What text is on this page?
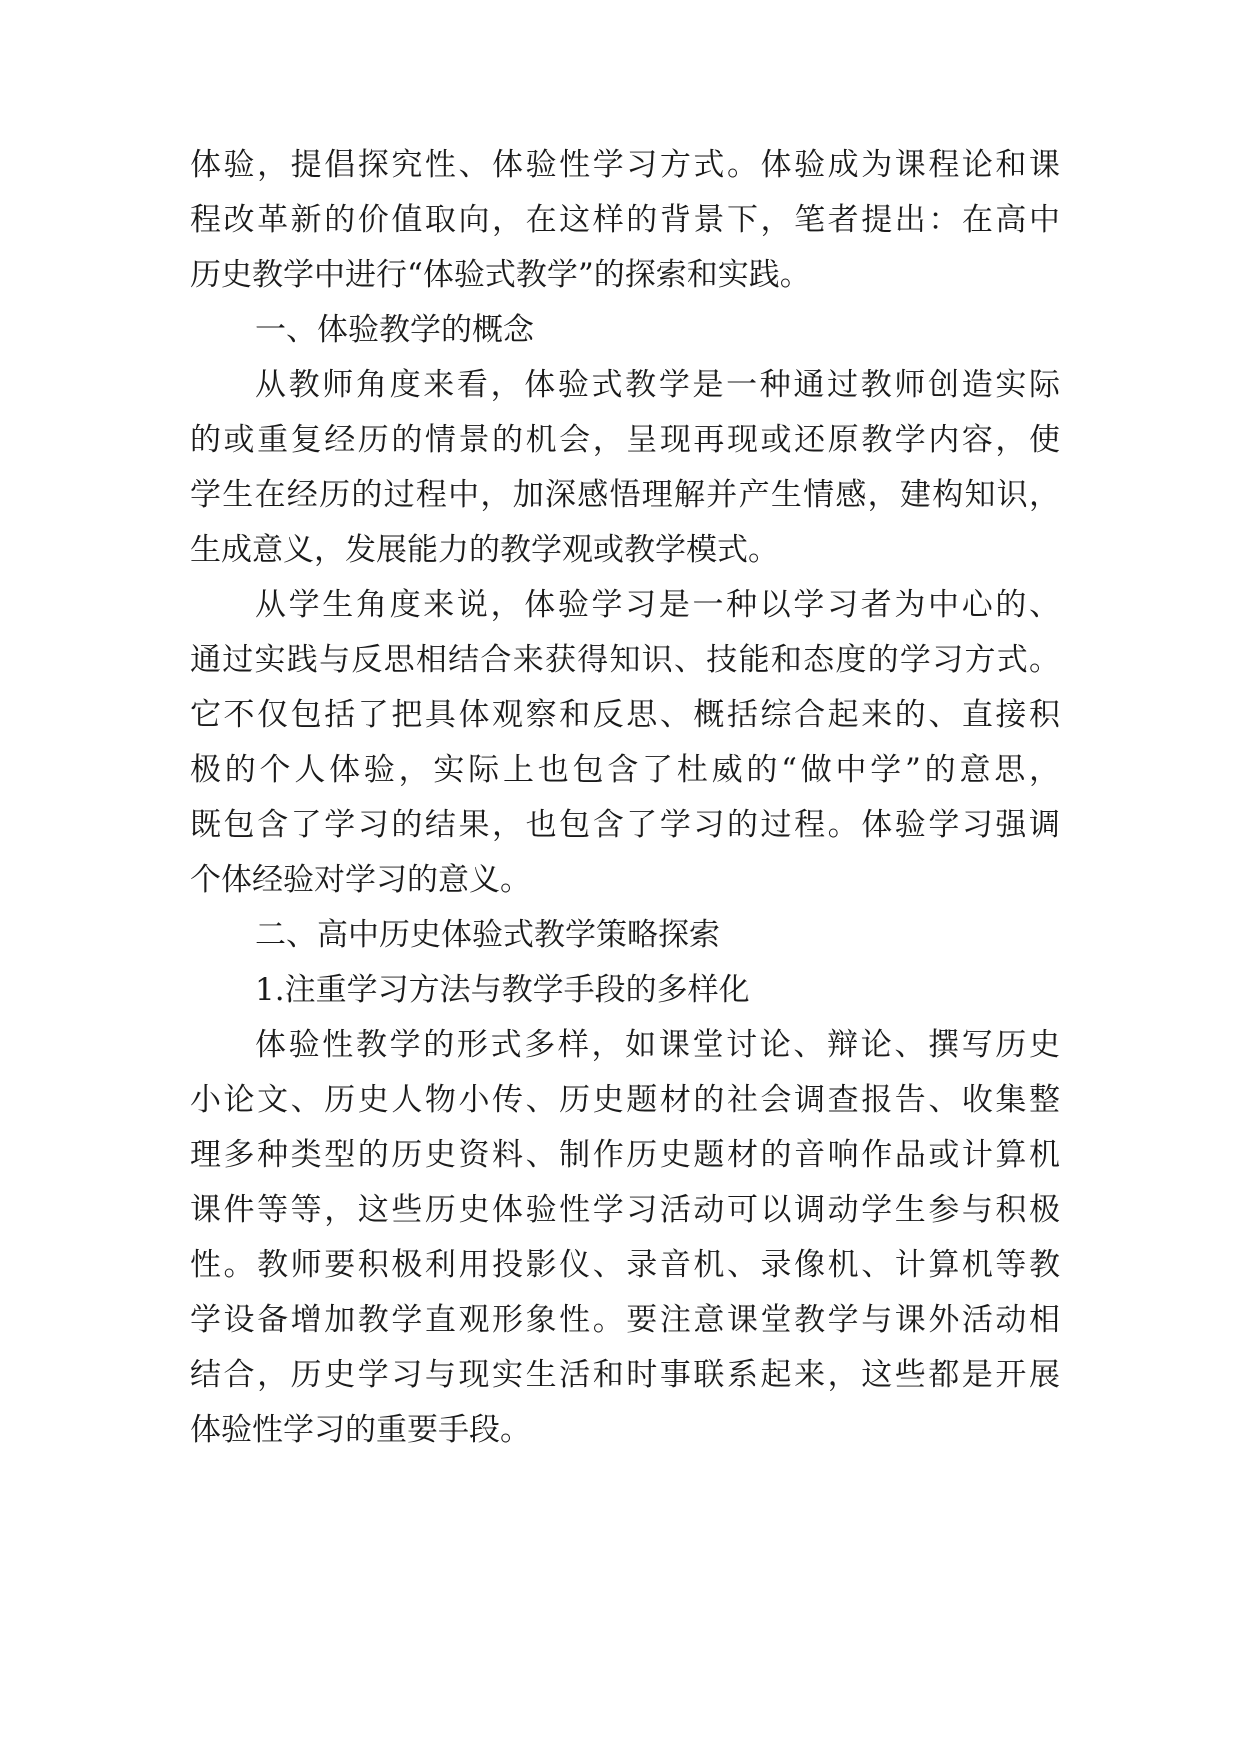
体验，提倡探究性、体验性学习方式。体验成为课程论和课
程改革新的价值取向，在这样的背景下，笔者提出：在高中
历史教学中进行“体验式教学”的探索和实践。
一、体验教学的概念
从教师角度来看，体验式教学是一种通过教师创造实际
的或重复经历的情景的机会，呈现再现或还原教学内容，使
学生在经历的过程中，加深感悟理解并产生情感，建构知识，
生成意义，发展能力的教学观或教学模式。
从学生角度来说，体验学习是一种以学习者为中心的、
通过实践与反思相结合来获得知识、技能和态度的学习方式。
它不仅包括了把具体观察和反思、概括综合起来的、直接积
极的个人体验，实际上也包含了杜威的“做中学”的意思，
既包含了学习的结果，也包含了学习的过程。体验学习强调
个体经验对学习的意义。
二、高中历史体验式教学策略探索
1.注重学习方法与教学手段的多样化
体验性教学的形式多样，如课堂讨论、辩论、撰写历史
小论文、历史人物小传、历史题材的社会调查报告、收集整
理多种类型的历史资料、制作历史题材的音响作品或计算机
课件等等，这些历史体验性学习活动可以调动学生参与积极
性。教师要积极利用投影仪、录音机、录像机、计算机等教
学设备增加教学直观形象性。要注意课堂教学与课外活动相
结合，历史学习与现实生活和时事联系起来，这些都是开展
体验性学习的重要手段。
